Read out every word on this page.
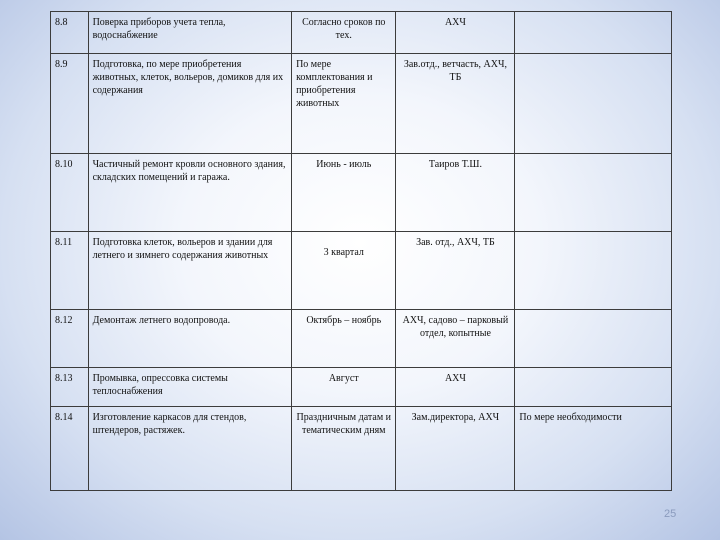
8.8	Поверка приборов учета тепла, водоснабжение	Согласно сроков по тех.	АХЧ	
8.9	Подготовка, по мере приобретения животных, клеток, вольеров, домиков для их содержания	По мере комплектования и приобретения животных	Зав.отд., ветчасть, АХЧ, ТБ	
8.10	Частичный ремонт кровли основного здания, складских помещений и гаража.	Июнь - июль	Таиров Т.Ш.	
8.11	Подготовка клеток, вольеров и здании для летнего и зимнего содержания животных	3 квартал	Зав. отд., АХЧ, ТБ	
8.12	Демонтаж летнего водопровода.	Октябрь – ноябрь	АХЧ, садово – парковый отдел, копытные	
8.13	Промывка, опрессовка системы теплоснабжения	Август	АХЧ	
8.14	Изготовление каркасов для стендов, штендеров, растяжек.	Праздничным датам и тематическим дням	Зам.директора, АХЧ	По мере необходимости
25
